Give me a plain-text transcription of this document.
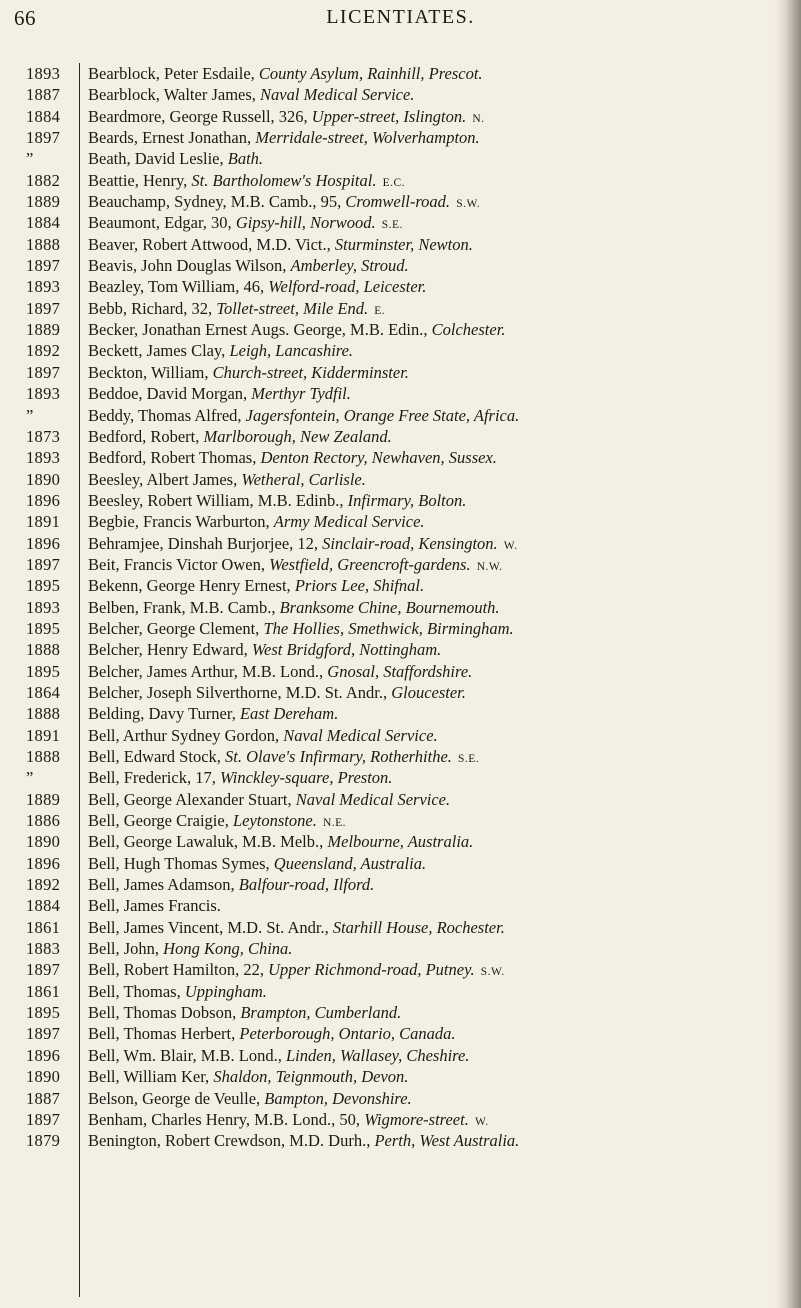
66	LICENTIATES.
1893	Bearblock, Peter Esdaile, County Asylum, Rainhill, Prescot.
1887	Bearblock, Walter James, Naval Medical Service.
1884	Beardmore, George Russell, 326, Upper-street, Islington. N.
1897	Beards, Ernest Jonathan, Merridale-street, Wolverhampton.
”	Beath, David Leslie, Bath.
1882	Beattie, Henry, St. Bartholomew's Hospital. E.C.
1889	Beauchamp, Sydney, M.B. Camb., 95, Cromwell-road. S.W.
1884	Beaumont, Edgar, 30, Gipsy-hill, Norwood. S.E.
1888	Beaver, Robert Attwood, M.D. Vict., Sturminster, Newton.
1897	Beavis, John Douglas Wilson, Amberley, Stroud.
1893	Beazley, Tom William, 46, Welford-road, Leicester.
1897	Bebb, Richard, 32, Tollet-street, Mile End. E.
1889	Becker, Jonathan Ernest Augs. George, M.B. Edin., Colchester.
1892	Beckett, James Clay, Leigh, Lancashire.
1897	Beckton, William, Church-street, Kidderminster.
1893	Beddoe, David Morgan, Merthyr Tydfil.
”	Beddy, Thomas Alfred, Jagersfontein, Orange Free State, Africa.
1873	Bedford, Robert, Marlborough, New Zealand.
1893	Bedford, Robert Thomas, Denton Rectory, Newhaven, Sussex.
1890	Beesley, Albert James, Wetheral, Carlisle.
1896	Beesley, Robert William, M.B. Edinb., Infirmary, Bolton.
1891	Begbie, Francis Warburton, Army Medical Service.
1896	Behramjee, Dinshah Burjorjee, 12, Sinclair-road, Kensington. W.
1897	Beit, Francis Victor Owen, Westfield, Greencroft-gardens. N.W.
1895	Bekenn, George Henry Ernest, Priors Lee, Shifnal.
1893	Belben, Frank, M.B. Camb., Branksome Chine, Bournemouth.
1895	Belcher, George Clement, The Hollies, Smethwick, Birmingham.
1888	Belcher, Henry Edward, West Bridgford, Nottingham.
1895	Belcher, James Arthur, M.B. Lond., Gnosal, Staffordshire.
1864	Belcher, Joseph Silverthorne, M.D. St. Andr., Gloucester.
1888	Belding, Davy Turner, East Dereham.
1891	Bell, Arthur Sydney Gordon, Naval Medical Service.
1888	Bell, Edward Stock, St. Olave's Infirmary, Rotherhithe. S.E.
”	Bell, Frederick, 17, Winckley-square, Preston.
1889	Bell, George Alexander Stuart, Naval Medical Service.
1886	Bell, George Craigie, Leytonstone. N.E.
1890	Bell, George Lawaluk, M.B. Melb., Melbourne, Australia.
1896	Bell, Hugh Thomas Symes, Queensland, Australia.
1892	Bell, James Adamson, Balfour-road, Ilford.
1884	Bell, James Francis.
1861	Bell, James Vincent, M.D. St. Andr., Starhill House, Rochester.
1883	Bell, John, Hong Kong, China.
1897	Bell, Robert Hamilton, 22, Upper Richmond-road, Putney. S.W.
1861	Bell, Thomas, Uppingham.
1895	Bell, Thomas Dobson, Brampton, Cumberland.
1897	Bell, Thomas Herbert, Peterborough, Ontario, Canada.
1896	Bell, Wm. Blair, M.B. Lond., Linden, Wallasey, Cheshire.
1890	Bell, William Ker, Shaldon, Teignmouth, Devon.
1887	Belson, George de Veulle, Bampton, Devonshire.
1897	Benham, Charles Henry, M.B. Lond., 50, Wigmore-street. W.
1879	Benington, Robert Crewdson, M.D. Durh., Perth, West Australia.
